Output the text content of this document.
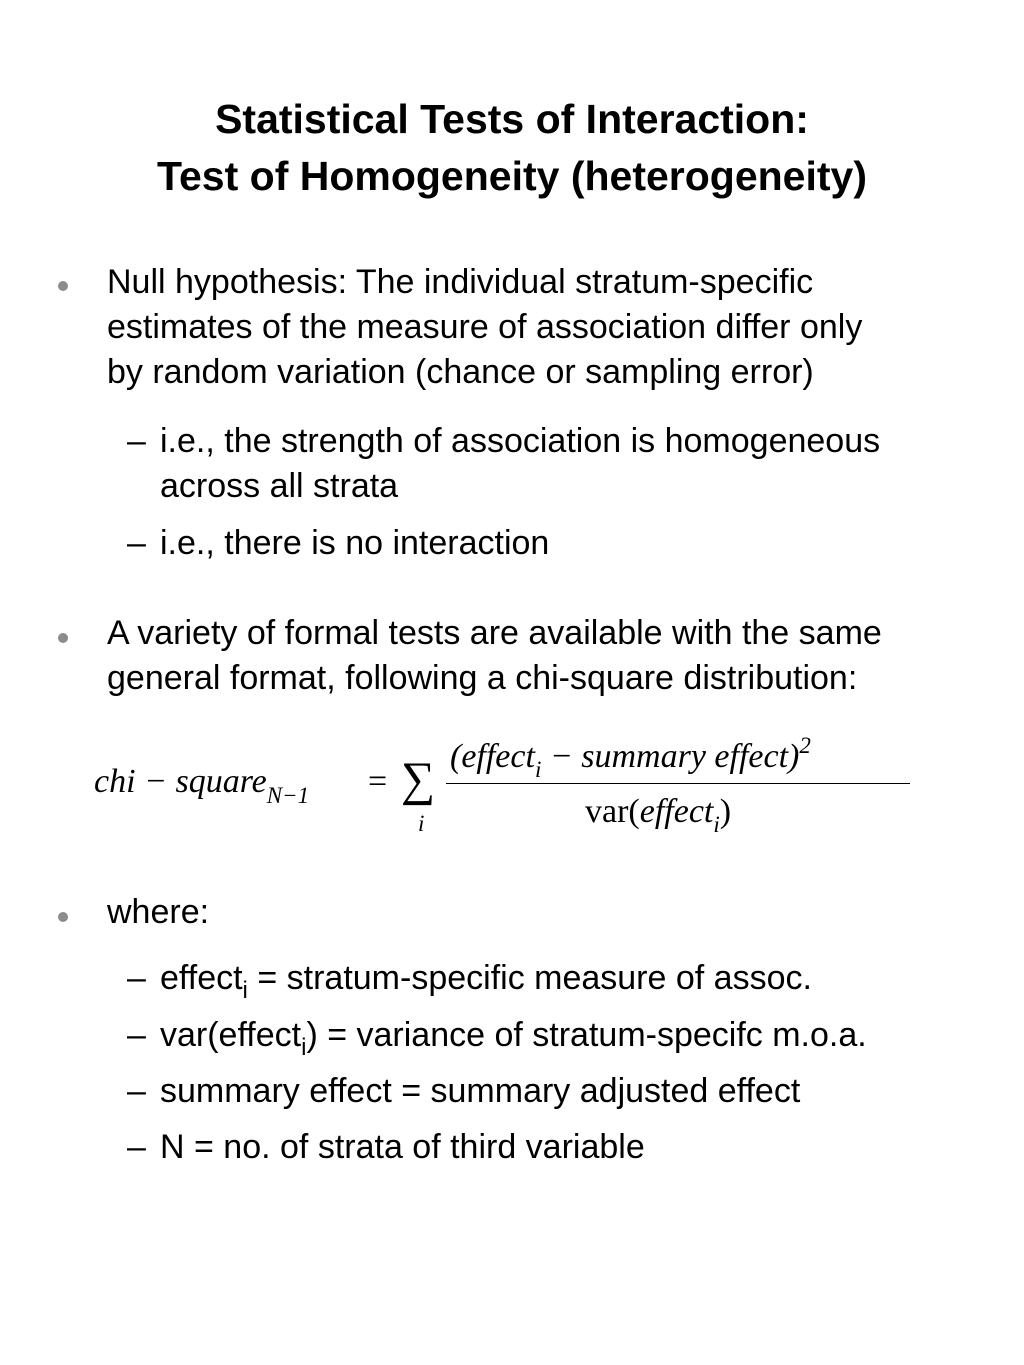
Statistical Tests of Interaction:
Test of Homogeneity (heterogeneity)
Null hypothesis: The individual stratum-specific
estimates of the measure of association differ only
by random variation (chance or sampling error)
– i.e., the strength of association is homogeneous
across all strata
– i.e., there is no interaction
A variety of formal tests are available with the same
general format, following a chi-square distribution:
chi − square$_{N-1}$ = ∑
i
(effect$_i$ − summary effect)$^2$
var(effect$_i$)
where:
– effect$_i$ = stratum-specific measure of assoc.
– var(effect$_i$) = variance of stratum-specifc m.o.a.
– summary effect = summary adjusted effect
– N = no. of strata of third variable
